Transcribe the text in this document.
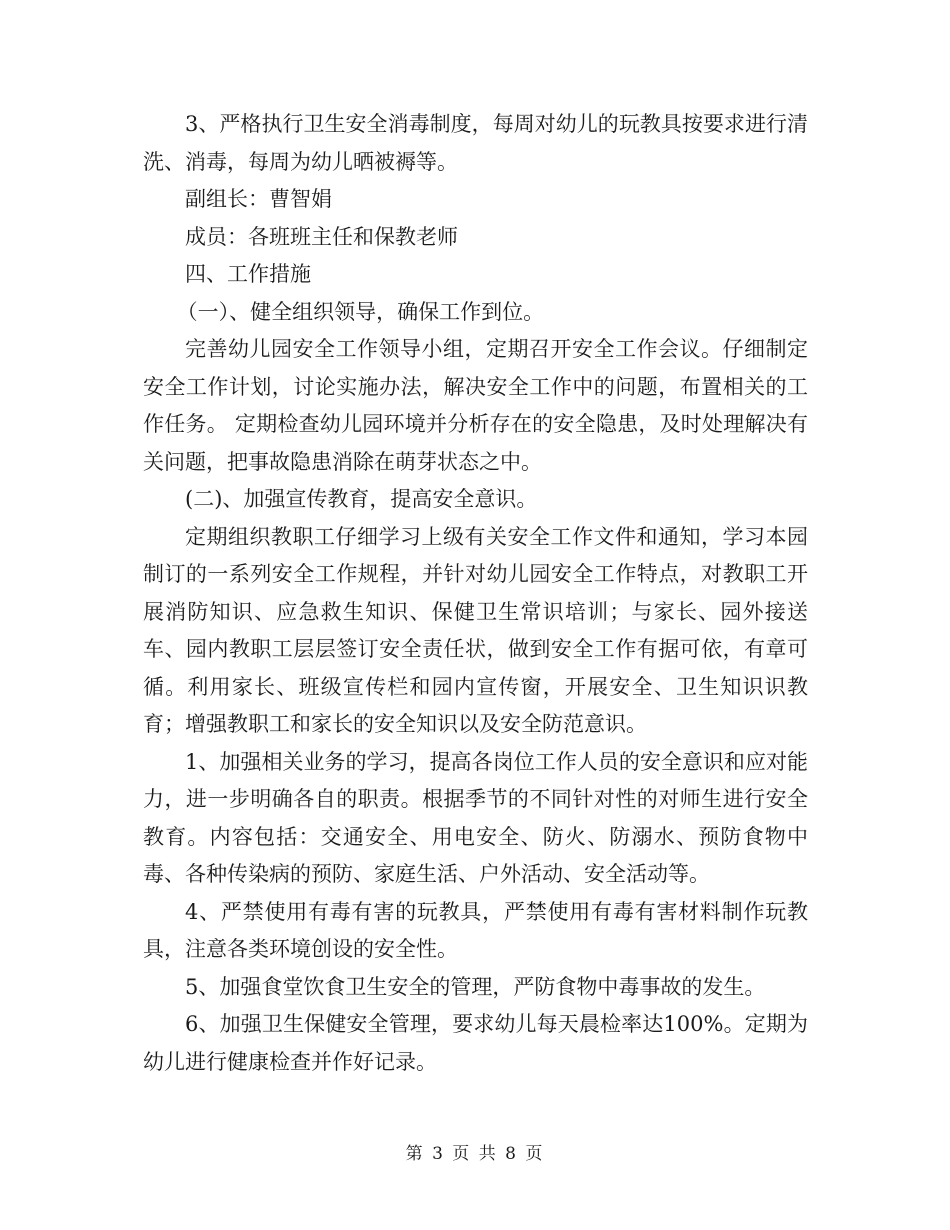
3、严格执行卫生安全消毒制度，每周对幼儿的玩教具按要求进行清洗、消毒，每周为幼儿晒被褥等。

副组长：曹智娟

成员：各班班主任和保教老师

四、工作措施

（一）、健全组织领导，确保工作到位。

完善幼儿园安全工作领导小组，定期召开安全工作会议。仔细制定安全工作计划，讨论实施办法，解决安全工作中的问题，布置相关的工作任务。 定期检查幼儿园环境并分析存在的安全隐患，及时处理解决有关问题，把事故隐患消除在萌芽状态之中。

(二)、加强宣传教育，提高安全意识。

定期组织教职工仔细学习上级有关安全工作文件和通知，学习本园制订的一系列安全工作规程，并针对幼儿园安全工作特点，对教职工开展消防知识、应急救生知识、保健卫生常识培训；与家长、园外接送车、园内教职工层层签订安全责任状，做到安全工作有据可依，有章可循。利用家长、班级宣传栏和园内宣传窗，开展安全、卫生知识识教育；增强教职工和家长的安全知识以及安全防范意识。

1、加强相关业务的学习，提高各岗位工作人员的安全意识和应对能力，进一步明确各自的职责。根据季节的不同针对性的对师生进行安全教育。内容包括：交通安全、用电安全、防火、防溺水、预防食物中毒、各种传染病的预防、家庭生活、户外活动、安全活动等。

4、严禁使用有毒有害的玩教具，严禁使用有毒有害材料制作玩教具，注意各类环境创设的安全性。

5、加强食堂饮食卫生安全的管理，严防食物中毒事故的发生。

6、加强卫生保健安全管理，要求幼儿每天晨检率达100%。定期为幼儿进行健康检查并作好记录。

第 3 页 共 8 页
